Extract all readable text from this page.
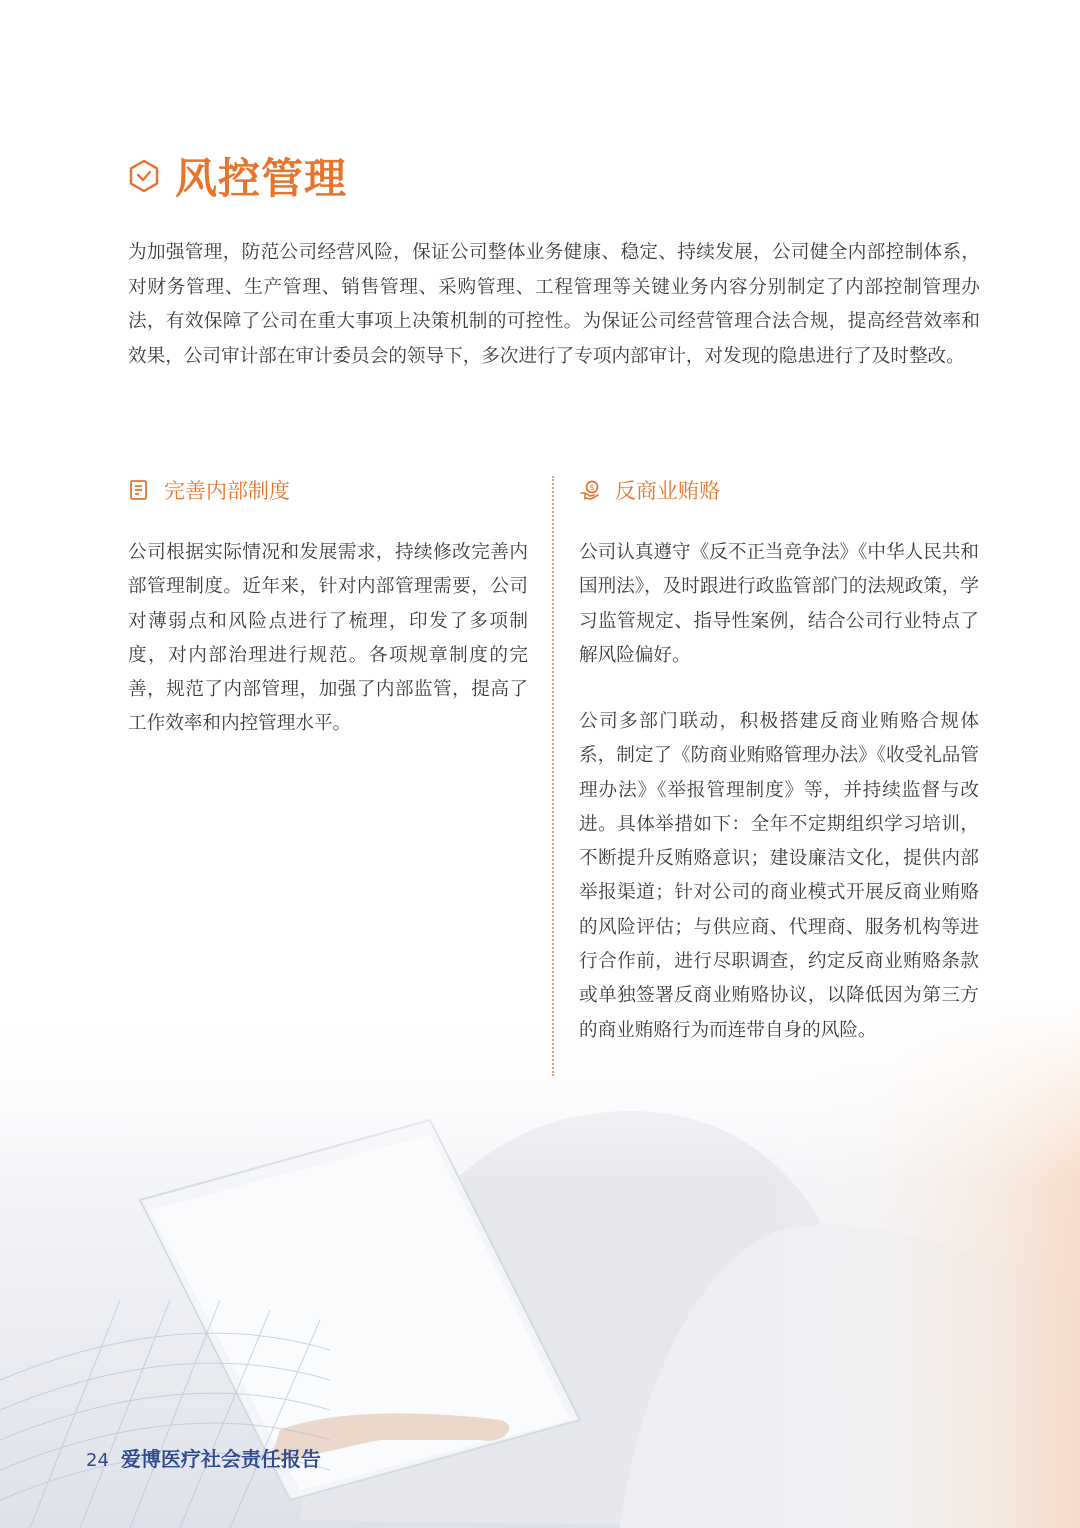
风控管理

为加强管理，防范公司经营风险，保证公司整体业务健康、稳定、持续发展，公司健全内部控制体系，对财务管理、生产管理、销售管理、采购管理、工程管理等关键业务内容分别制定了内部控制管理办法，有效保障了公司在重大事项上决策机制的可控性。为保证公司经营管理合法合规，提高经营效率和效果，公司审计部在审计委员会的领导下，多次进行了专项内部审计，对发现的隐患进行了及时整改。

完善内部制度	$ 反商业贿赂

公司根据实际情况和发展需求，持续修改完善内部管理制度。近年来，针对内部管理需要，公司对薄弱点和风险点进行了梳理，印发了多项制度，对内部治理进行规范。各项规章制度的完善，规范了内部管理，加强了内部监管，提高了工作效率和内控管理水平。

公司认真遵守《反不正当竞争法》《中华人民共和国刑法》，及时跟进行政监管部门的法规政策，学习监管规定、指导性案例，结合公司行业特点了解风险偏好。

公司多部门联动，积极搭建反商业贿赂合规体系，制定了《防商业贿赂管理办法》《收受礼品管理办法》《举报管理制度》等，并持续监督与改进。具体举措如下：全年不定期组织学习培训，不断提升反贿赂意识；建设廉洁文化，提供内部举报渠道；针对公司的商业模式开展反商业贿赂的风险评估；与供应商、代理商、服务机构等进行合作前，进行尽职调查，约定反商业贿赂条款或单独签署反商业贿赂协议，以降低因为第三方的商业贿赂行为而连带自身的风险。

24 爱博医疗社会责任报告
